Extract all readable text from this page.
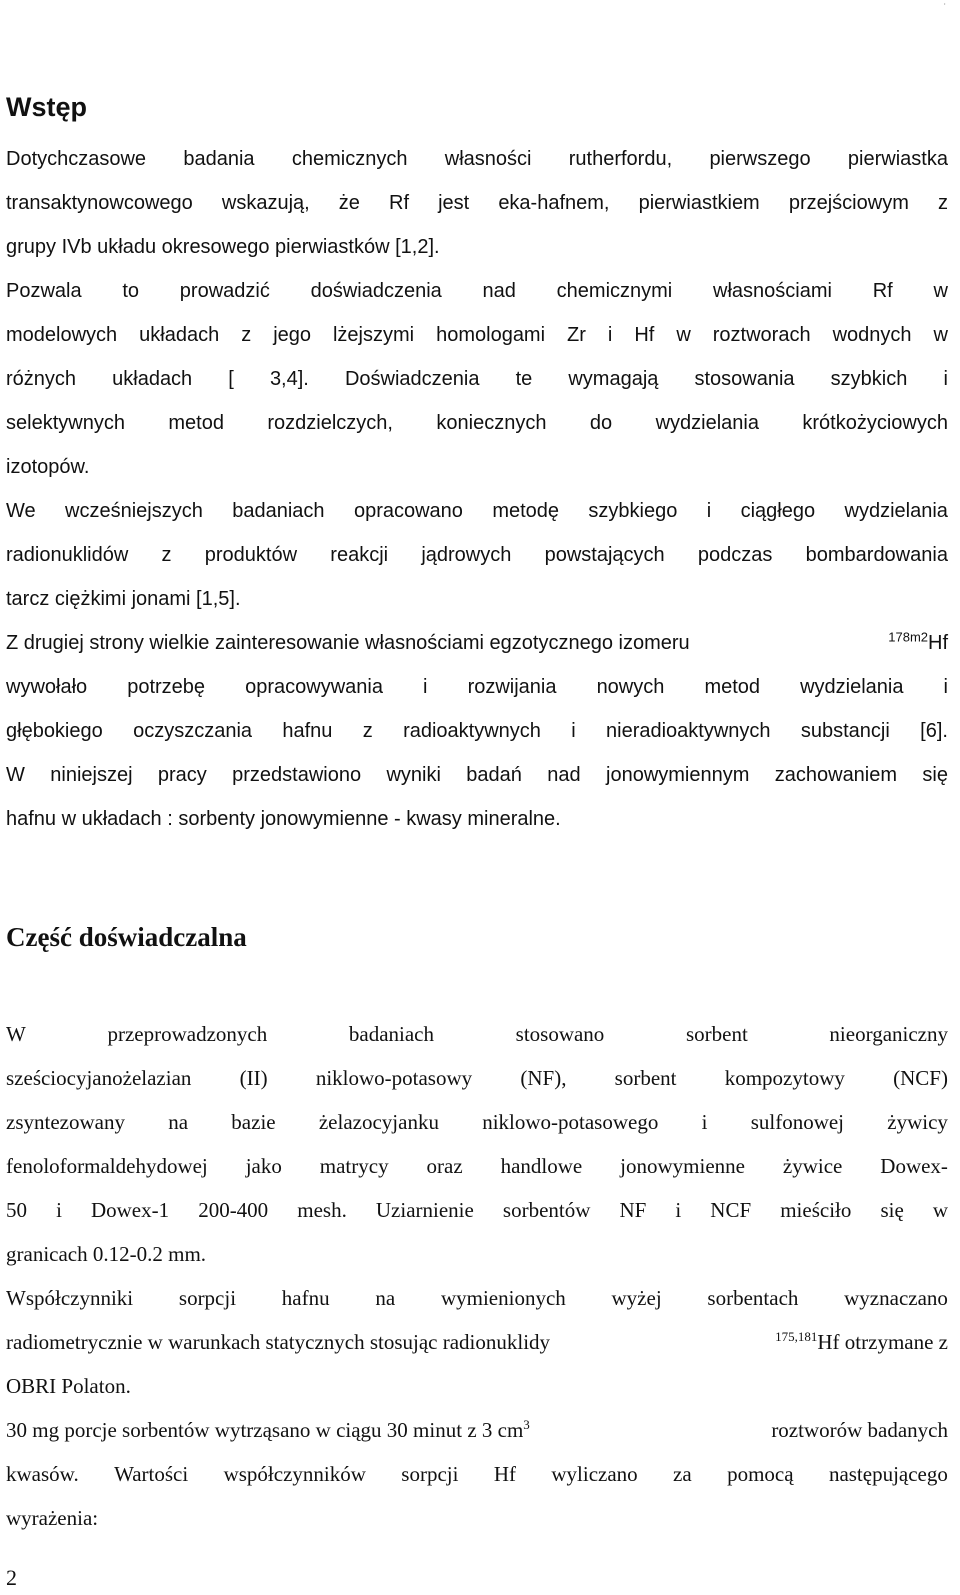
·
Wstęp
Dotychczasowe badania chemicznych własności rutherfordu, pierwszego pierwiastka
transaktynowcowego wskazują, że Rf jest eka-hafnem, pierwiastkiem przejściowym z
grupy IVb układu okresowego pierwiastków [1,2].
Pozwala to prowadzić doświadczenia nad chemicznymi własnościami Rf w
modelowych układach z jego lżejszymi homologami Zr i Hf w roztworach wodnych w
różnych układach [ 3,4]. Doświadczenia te wymagają stosowania szybkich i
selektywnych metod rozdzielczych, koniecznych do wydzielania krótkożyciowych
izotopów.
We wcześniejszych badaniach opracowano metodę szybkiego i ciągłego wydzielania
radionuklidów z produktów reakcji jądrowych powstających podczas bombardowania
tarcz ciężkimi jonami [1,5].
Z drugiej strony wielkie zainteresowanie własnościami egzotycznego izomeru	$^{178m2}$Hf
wywołało potrzebę opracowywania i rozwijania nowych metod wydzielania i
głębokiego oczyszczania hafnu z radioaktywnych i nieradioaktywnych substancji [6].
W niniejszej pracy przedstawiono wyniki badań nad jonowymiennym zachowaniem się
hafnu w układach : sorbenty jonowymienne - kwasy mineralne.
Część doświadczalna
W	przeprowadzonych	badaniach	stosowano	sorbent	nieorganiczny
sześciocyjanożelazian (II) niklowo-potasowy (NF), sorbent kompozytowy (NCF)
zsyntezowany na bazie żelazocyjanku niklowo-potasowego i sulfonowej żywicy
fenoloformaldehydowej jako matrycy oraz handlowe jonowymienne żywice Dowex-
50 i Dowex-1 200-400 mesh. Uziarnienie sorbentów NF i NCF mieściło się w
granicach 0.12-0.2 mm.
Współczynniki sorpcji hafnu na wymienionych wyżej sorbentach wyznaczano
radiometrycznie w warunkach statycznych stosując radionuklidy	$^{175,181}$Hf otrzymane z
OBRI Polaton.
30 mg porcje sorbentów wytrząsano w ciągu 30 minut z 3 $cm^3$	roztworów badanych
kwasów. Wartości współczynników sorpcji Hf wyliczano za pomocą następującego
wyrażenia:
2
